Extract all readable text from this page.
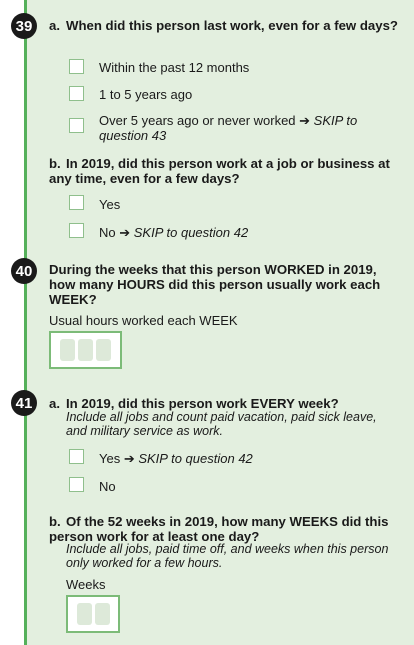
39 a. When did this person last work, even for a few days?
Within the past 12 months
1 to 5 years ago
Over 5 years ago or never worked ➔ SKIP to question 43
b. In 2019, did this person work at a job or business at any time, even for a few days?
Yes
No ➔ SKIP to question 42
40 During the weeks that this person WORKED in 2019, how many HOURS did this person usually work each WEEK?
Usual hours worked each WEEK
41 a. In 2019, did this person work EVERY week?
Include all jobs and count paid vacation, paid sick leave, and military service as work.
Yes ➔ SKIP to question 42
No
b. Of the 52 weeks in 2019, how many WEEKS did this person work for at least one day?
Include all jobs, paid time off, and weeks when this person only worked for a few hours.
Weeks
